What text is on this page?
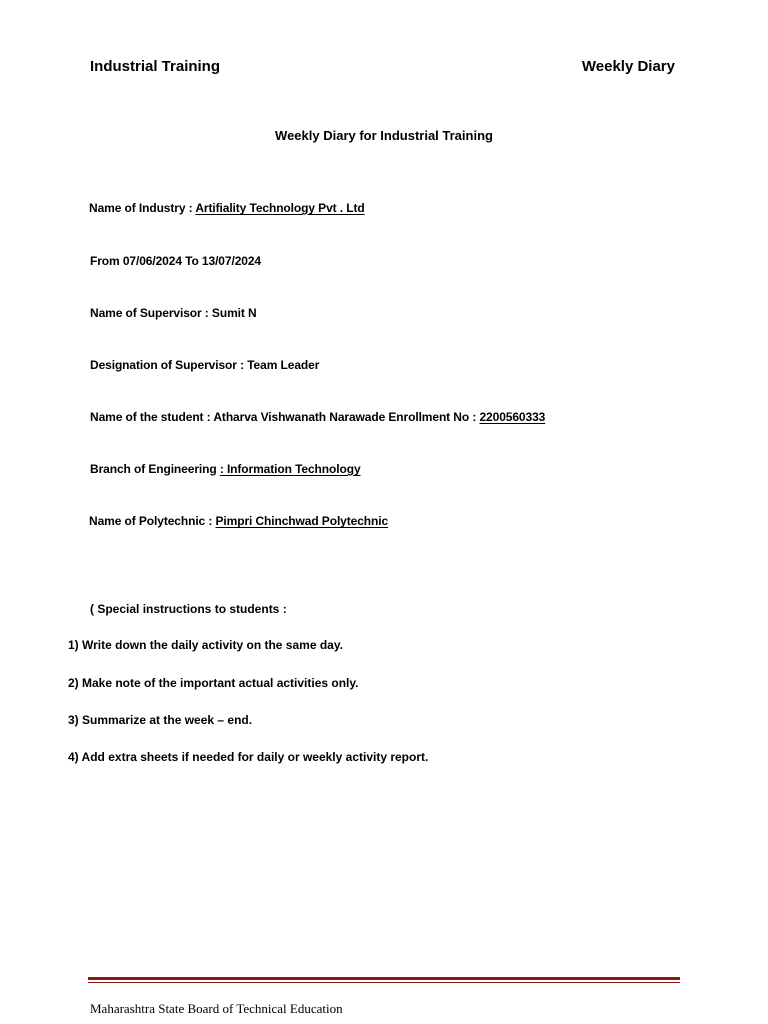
Industrial Training	Weekly Diary
Weekly Diary for Industrial Training
Name of Industry : Artifiality Technology Pvt . Ltd
From 07/06/2024 To 13/07/2024
Name of Supervisor : Sumit N
Designation of Supervisor : Team Leader
Name of the student : Atharva Vishwanath Narawade Enrollment No : 2200560333
Branch of Engineering : Information Technology
Name of Polytechnic : Pimpri Chinchwad Polytechnic
( Special instructions to students :
1) Write down the daily activity on the same day.
2) Make note of the important actual activities only.
3) Summarize at the week – end.
4) Add extra sheets if needed for daily or weekly activity report.
Maharashtra State Board of Technical Education
